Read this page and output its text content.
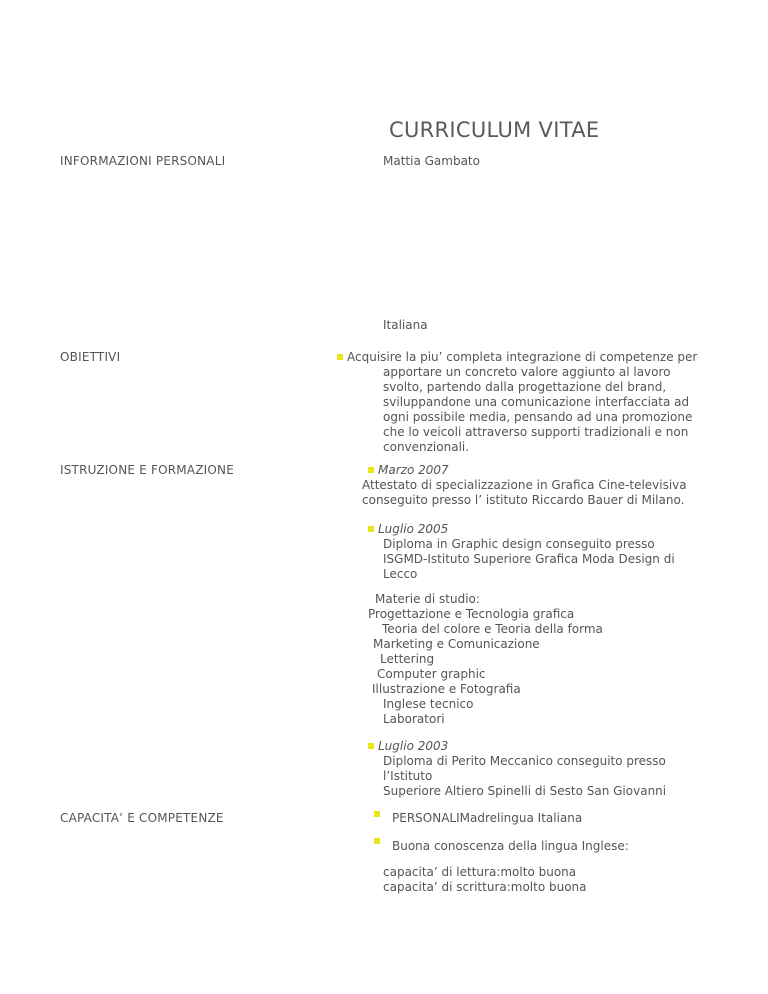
CURRICULUM VITAE
INFORMAZIONI PERSONALI	Mattia Gambato
Italiana
OBIETTIVI	Acquisire la piu’ completa integrazione di competenze per
apportare un concreto valore aggiunto al lavoro
svolto, partendo dalla progettazione del brand,
sviluppandone una comunicazione interfacciata ad
ogni possibile media, pensando ad una promozione
che lo veicoli attraverso supporti tradizionali e non
convenzionali.
ISTRUZIONE E FORMAZIONE	Marzo 2007
Attestato di specializzazione in Grafica Cine-televisiva
conseguito presso l’ istituto Riccardo Bauer di Milano.
Luglio 2005
Diploma in Graphic design conseguito presso
ISGMD-Istituto Superiore Grafica Moda Design di
Lecco
Materie di studio:
Progettazione e Tecnologia grafica
Teoria del colore e Teoria della forma
Marketing e Comunicazione
Lettering
Computer graphic
Illustrazione e Fotografia
Inglese tecnico
Laboratori
Luglio 2003
Diploma di Perito Meccanico conseguito presso
l’Istituto
Superiore Altiero Spinelli di Sesto San Giovanni
CAPACITA’ E COMPETENZE	PERSONALIMadrelingua Italiana
Buona conoscenza della lingua Inglese:
capacita’ di lettura:molto buona
capacita’ di scrittura:molto buona
